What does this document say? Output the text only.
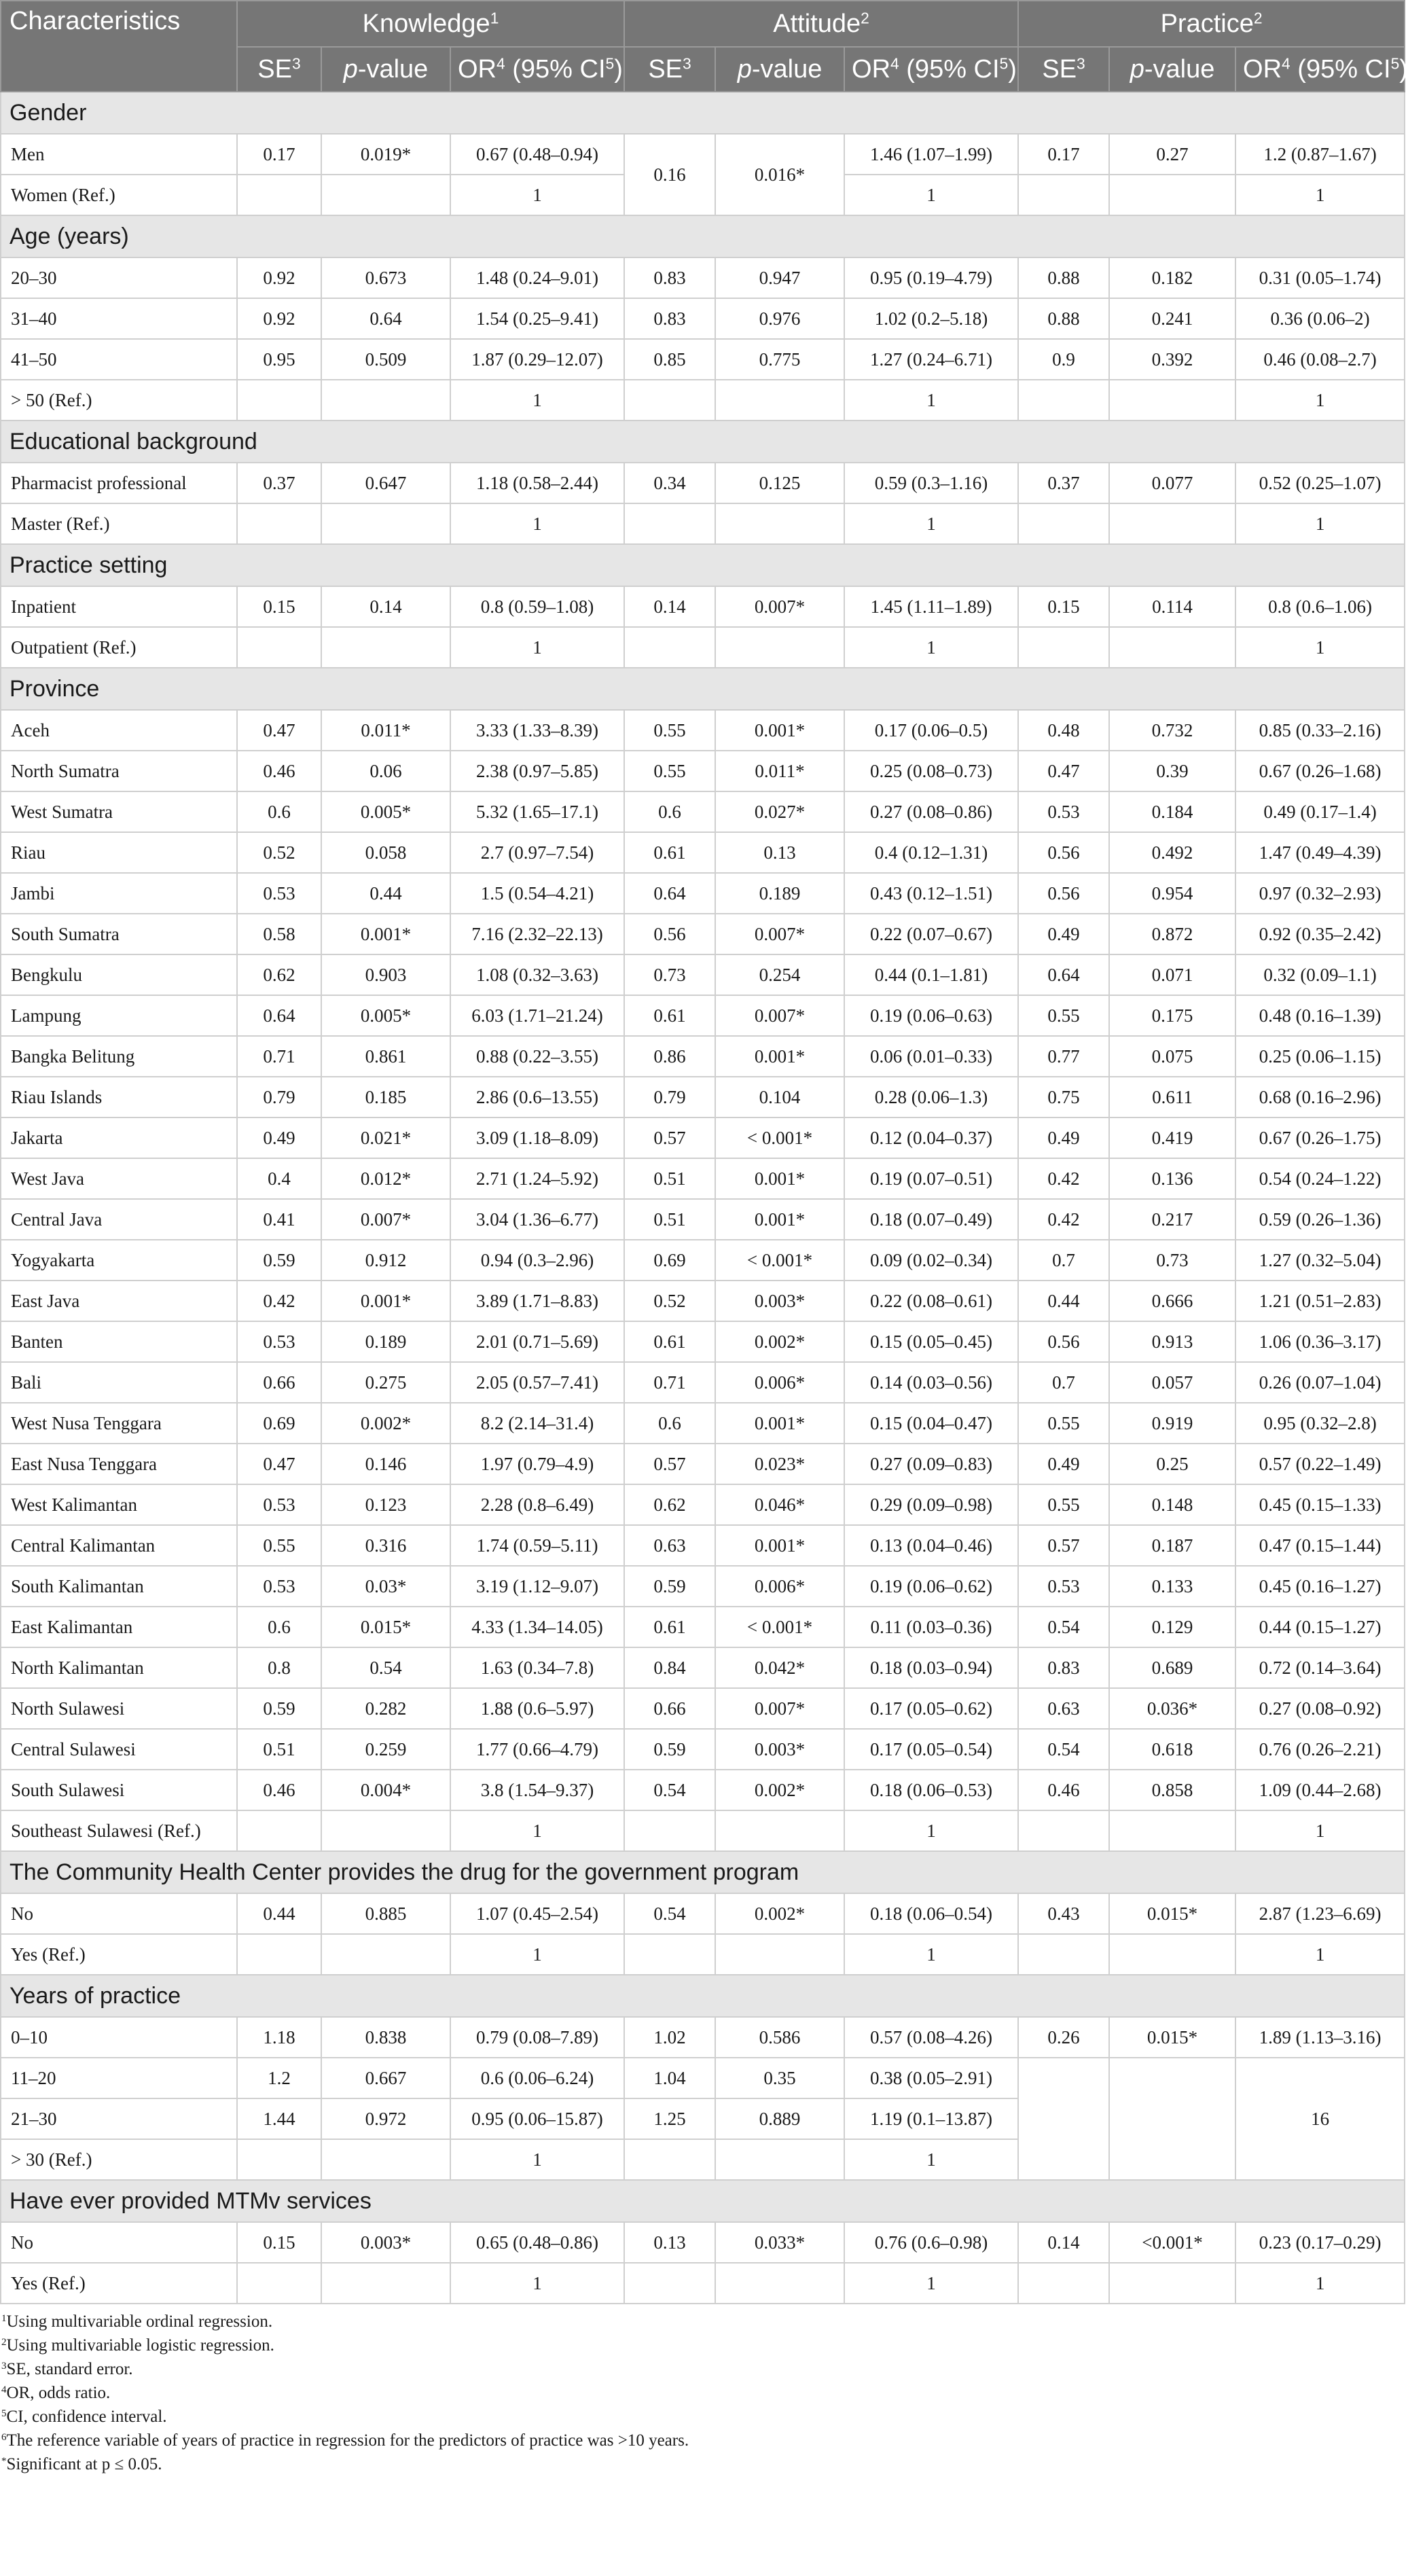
Characteristics	Knowledge$^1$			Attitude$^2$			Practice$^2$
	$SE^3$	p-value	$OR^4$ (95% $CI^5$)	$SE^3$	p-value	$OR^4$ (95% $CI^5$)	$SE^3$	p-value	$OR^4$ (95% $CI^5$)
Gender									
Men	0.17	0.019*	0.67 (0.48–0.94)	0.16	0.016*	1.46 (1.07–1.99)	0.17	0.27	1.2 (0.87–1.67)
Women (Ref.)			1			1			1
Age (years)									
20–30	0.92	0.673	1.48 (0.24–9.01)	0.83	0.947	0.95 (0.19–4.79)	0.88	0.182	0.31 (0.05–1.74)
31–40	0.92	0.64	1.54 (0.25–9.41)	0.83	0.976	1.02 (0.2–5.18)	0.88	0.241	0.36 (0.06–2)
41–50	0.95	0.509	1.87 (0.29–12.07)	0.85	0.775	1.27 (0.24–6.71)	0.9	0.392	0.46 (0.08–2.7)
> 50 (Ref.)			1			1			1
Educational background									
Pharmacist professional	0.37	0.647	1.18 (0.58–2.44)	0.34	0.125	0.59 (0.3–1.16)	0.37	0.077	0.52 (0.25–1.07)
Master (Ref.)			1			1			1
Practice setting									
Inpatient	0.15	0.14	0.8 (0.59–1.08)	0.14	0.007*	1.45 (1.11–1.89)	0.15	0.114	0.8 (0.6–1.06)
Outpatient (Ref.)			1			1			1
Province									
Aceh	0.47	0.011*	3.33 (1.33–8.39)	0.55	0.001*	0.17 (0.06–0.5)	0.48	0.732	0.85 (0.33–2.16)
North Sumatra	0.46	0.06	2.38 (0.97–5.85)	0.55	0.011*	0.25 (0.08–0.73)	0.47	0.39	0.67 (0.26–1.68)
West Sumatra	0.6	0.005*	5.32 (1.65–17.1)	0.6	0.027*	0.27 (0.08–0.86)	0.53	0.184	0.49 (0.17–1.4)
Riau	0.52	0.058	2.7 (0.97–7.54)	0.61	0.13	0.4 (0.12–1.31)	0.56	0.492	1.47 (0.49–4.39)
Jambi	0.53	0.44	1.5 (0.54–4.21)	0.64	0.189	0.43 (0.12–1.51)	0.56	0.954	0.97 (0.32–2.93)
South Sumatra	0.58	0.001*	7.16 (2.32–22.13)	0.56	0.007*	0.22 (0.07–0.67)	0.49	0.872	0.92 (0.35–2.42)
Bengkulu	0.62	0.903	1.08 (0.32–3.63)	0.73	0.254	0.44 (0.1–1.81)	0.64	0.071	0.32 (0.09–1.1)
Lampung	0.64	0.005*	6.03 (1.71–21.24)	0.61	0.007*	0.19 (0.06–0.63)	0.55	0.175	0.48 (0.16–1.39)
Bangka Belitung	0.71	0.861	0.88 (0.22–3.55)	0.86	0.001*	0.06 (0.01–0.33)	0.77	0.075	0.25 (0.06–1.15)
Riau Islands	0.79	0.185	2.86 (0.6–13.55)	0.79	0.104	0.28 (0.06–1.3)	0.75	0.611	0.68 (0.16–2.96)
Jakarta	0.49	0.021*	3.09 (1.18–8.09)	0.57	< 0.001*	0.12 (0.04–0.37)	0.49	0.419	0.67 (0.26–1.75)
West Java	0.4	0.012*	2.71 (1.24–5.92)	0.51	0.001*	0.19 (0.07–0.51)	0.42	0.136	0.54 (0.24–1.22)
Central Java	0.41	0.007*	3.04 (1.36–6.77)	0.51	0.001*	0.18 (0.07–0.49)	0.42	0.217	0.59 (0.26–1.36)
Yogyakarta	0.59	0.912	0.94 (0.3–2.96)	0.69	< 0.001*	0.09 (0.02–0.34)	0.7	0.73	1.27 (0.32–5.04)
East Java	0.42	0.001*	3.89 (1.71–8.83)	0.52	0.003*	0.22 (0.08–0.61)	0.44	0.666	1.21 (0.51–2.83)
Banten	0.53	0.189	2.01 (0.71–5.69)	0.61	0.002*	0.15 (0.05–0.45)	0.56	0.913	1.06 (0.36–3.17)
Bali	0.66	0.275	2.05 (0.57–7.41)	0.71	0.006*	0.14 (0.03–0.56)	0.7	0.057	0.26 (0.07–1.04)
West Nusa Tenggara	0.69	0.002*	8.2 (2.14–31.4)	0.6	0.001*	0.15 (0.04–0.47)	0.55	0.919	0.95 (0.32–2.8)
East Nusa Tenggara	0.47	0.146	1.97 (0.79–4.9)	0.57	0.023*	0.27 (0.09–0.83)	0.49	0.25	0.57 (0.22–1.49)
West Kalimantan	0.53	0.123	2.28 (0.8–6.49)	0.62	0.046*	0.29 (0.09–0.98)	0.55	0.148	0.45 (0.15–1.33)
Central Kalimantan	0.55	0.316	1.74 (0.59–5.11)	0.63	0.001*	0.13 (0.04–0.46)	0.57	0.187	0.47 (0.15–1.44)
South Kalimantan	0.53	0.03*	3.19 (1.12–9.07)	0.59	0.006*	0.19 (0.06–0.62)	0.53	0.133	0.45 (0.16–1.27)
East Kalimantan	0.6	0.015*	4.33 (1.34–14.05)	0.61	< 0.001*	0.11 (0.03–0.36)	0.54	0.129	0.44 (0.15–1.27)
North Kalimantan	0.8	0.54	1.63 (0.34–7.8)	0.84	0.042*	0.18 (0.03–0.94)	0.83	0.689	0.72 (0.14–3.64)
North Sulawesi	0.59	0.282	1.88 (0.6–5.97)	0.66	0.007*	0.17 (0.05–0.62)	0.63	0.036*	0.27 (0.08–0.92)
Central Sulawesi	0.51	0.259	1.77 (0.66–4.79)	0.59	0.003*	0.17 (0.05–0.54)	0.54	0.618	0.76 (0.26–2.21)
South Sulawesi	0.46	0.004*	3.8 (1.54–9.37)	0.54	0.002*	0.18 (0.06–0.53)	0.46	0.858	1.09 (0.44–2.68)
Southeast Sulawesi (Ref.)			1			1			1
The Community Health Center provides the drug for the government program									
No	0.44	0.885	1.07 (0.45–2.54)	0.54	0.002*	0.18 (0.06–0.54)	0.43	0.015*	2.87 (1.23–6.69)
Yes (Ref.)			1			1			1
Years of practice									
0–10	1.18	0.838	0.79 (0.08–7.89)	1.02	0.586	0.57 (0.08–4.26)	0.26	0.015*	1.89 (1.13–3.16)
11–20	1.2	0.667	0.6 (0.06–6.24)	1.04	0.35	0.38 (0.05–2.91)			16
21–30	1.44	0.972	0.95 (0.06–15.87)	1.25	0.889	1.19 (0.1–13.87)			
> 30 (Ref.)			1			1			
Have ever provided MTMv services									
No	0.15	0.003*	0.65 (0.48–0.86)	0.13	0.033*	0.76 (0.6–0.98)	0.14	<0.001*	0.23 (0.17–0.29)
Yes (Ref.)			1			1			1
$^1$Using multivariable ordinal regression.
$^2$Using multivariable logistic regression.
$^3$SE, standard error.
$^4$OR, odds ratio.
$^5$CI, confidence interval.
$^6$The reference variable of years of practice in regression for the predictors of practice was >10 years.
*Significant at p ≤ 0.05.
